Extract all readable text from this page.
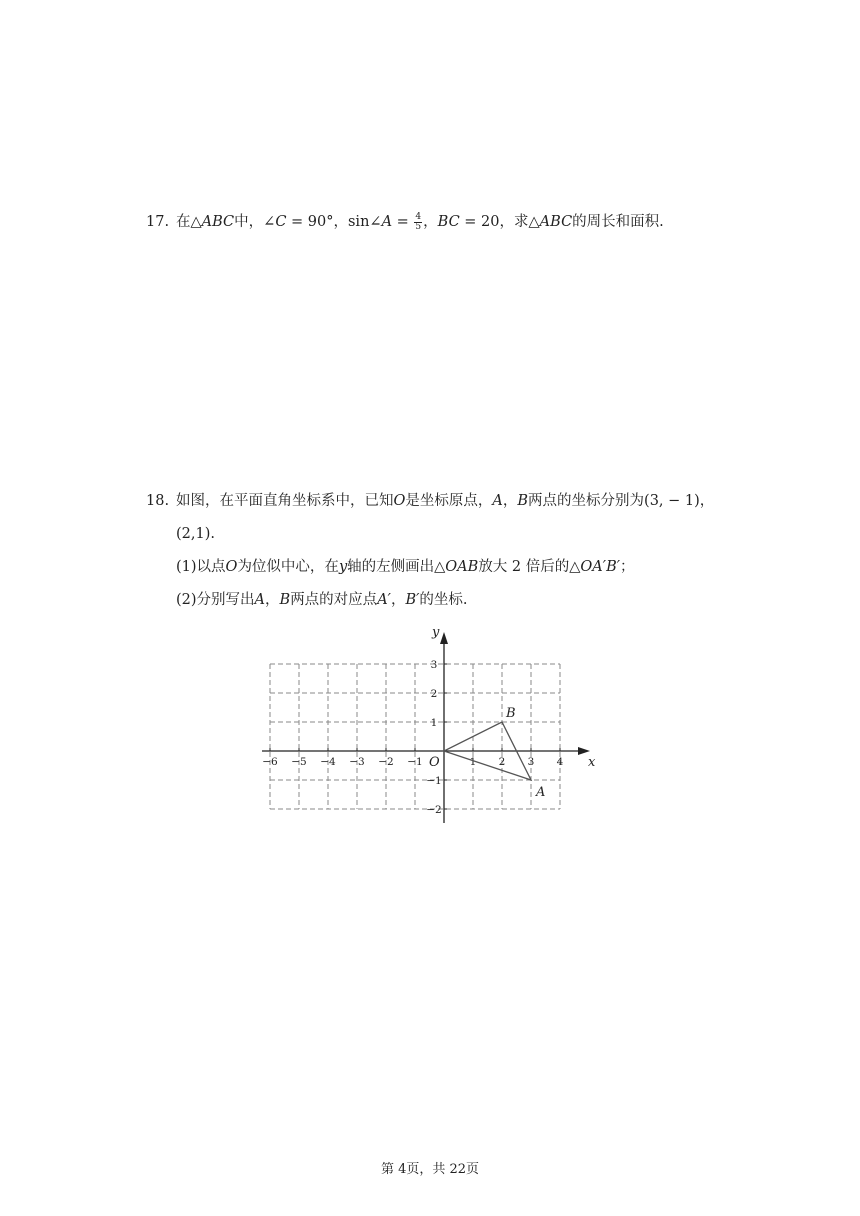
17. 在△ABC中，∠C = 90°，sin∠A = $\frac{4}{5}$ ，BC = 20，求△ABC的周长和面积.
18. 如图，在平面直角坐标系中，已知O是坐标原点，A，B两点的坐标分别为(3, − 1)，
(2,1).
(1)以点O为位似中心，在y轴的左侧画出△OAB放大 2 倍后的△OA′B′；
(2)分别写出A，B两点的对应点A′，B′的坐标.
x
y
O
−6 −5 −4 −3 −2 −1	1 2 3 4
3
2
1
−1
−2
A
B
第 4页，共 22页
